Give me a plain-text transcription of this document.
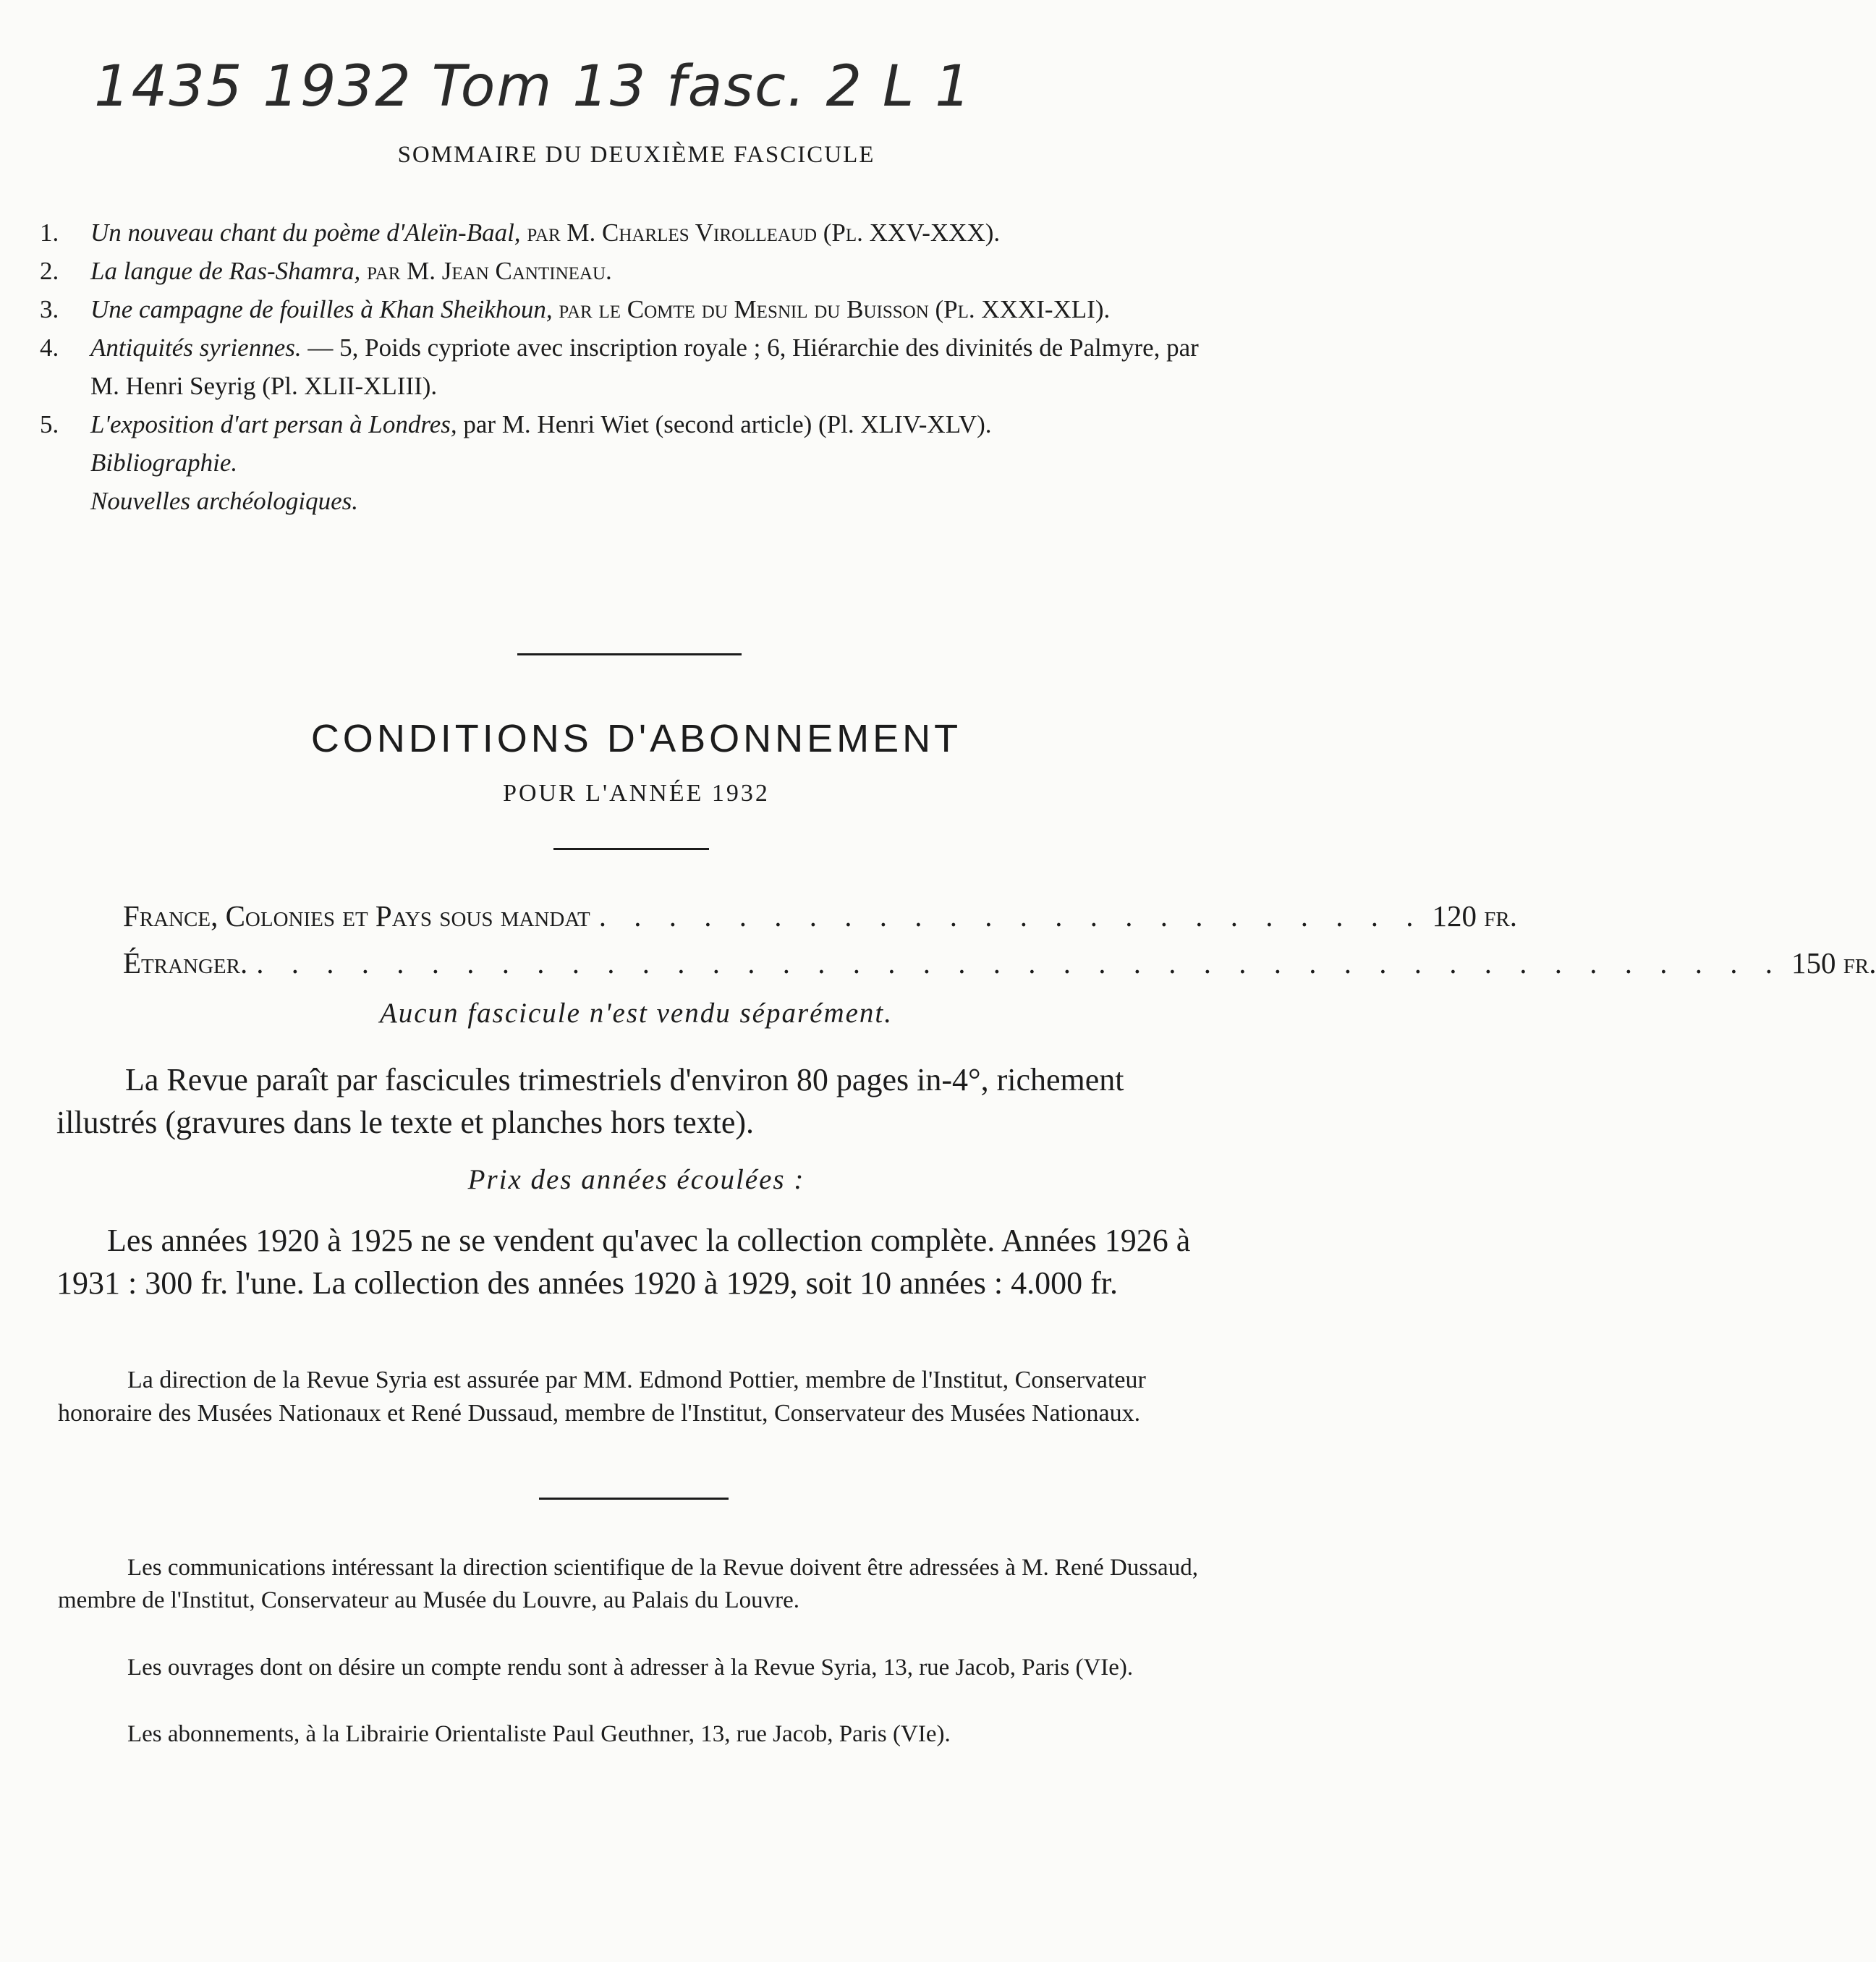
1435 1932 Tom 13 fasc. 2 L 1
SOMMAIRE DU DEUXIÈME FASCICULE
1.	Un nouveau chant du poème d'Aleïn-Baal, par M. Charles Virolleaud (Pl. XXV-XXX).
2.	La langue de Ras-Shamra, par M. Jean Cantineau.
3.	Une campagne de fouilles à Khan Sheikhoun, par le Comte du Mesnil du Buisson (Pl. XXXI-XLI).
4.	Antiquités syriennes. — 5, Poids cypriote avec inscription royale ; 6, Hiérarchie des divinités de Palmyre, par M. Henri Seyrig (Pl. XLII-XLIII).
5.	L'exposition d'art persan à Londres, par M. Henri Wiet (second article) (Pl. XLIV-XLV).
Bibliographie.
Nouvelles archéologiques.
CONDITIONS D'ABONNEMENT
POUR L'ANNÉE 1932
France, Colonies et Pays sous mandat . . . . . . . . . . . . . . . . . . . . . . . . 120 fr.
Étranger. . . . . . . . . . . . . . . . . . . . . . . . . . . . . . . . . . . . . . . . . . . . . 150 fr.
Aucun fascicule n'est vendu séparément.
La Revue paraît par fascicules trimestriels d'environ 80 pages in-4°, richement illustrés (gravures dans le texte et planches hors texte).
Prix des années écoulées :
Les années 1920 à 1925 ne se vendent qu'avec la collection complète. Années 1926 à 1931 : 300 fr. l'une. La collection des années 1920 à 1929, soit 10 années : 4.000 fr.
La direction de la Revue Syria est assurée par MM. Edmond Pottier, membre de l'Institut, Conservateur honoraire des Musées Nationaux et René Dussaud, membre de l'Institut, Conservateur des Musées Nationaux.
Les communications intéressant la direction scientifique de la Revue doivent être adressées à M. René Dussaud, membre de l'Institut, Conservateur au Musée du Louvre, au Palais du Louvre.
Les ouvrages dont on désire un compte rendu sont à adresser à la Revue Syria, 13, rue Jacob, Paris (VIe).
Les abonnements, à la Librairie Orientaliste Paul Geuthner, 13, rue Jacob, Paris (VIe).
